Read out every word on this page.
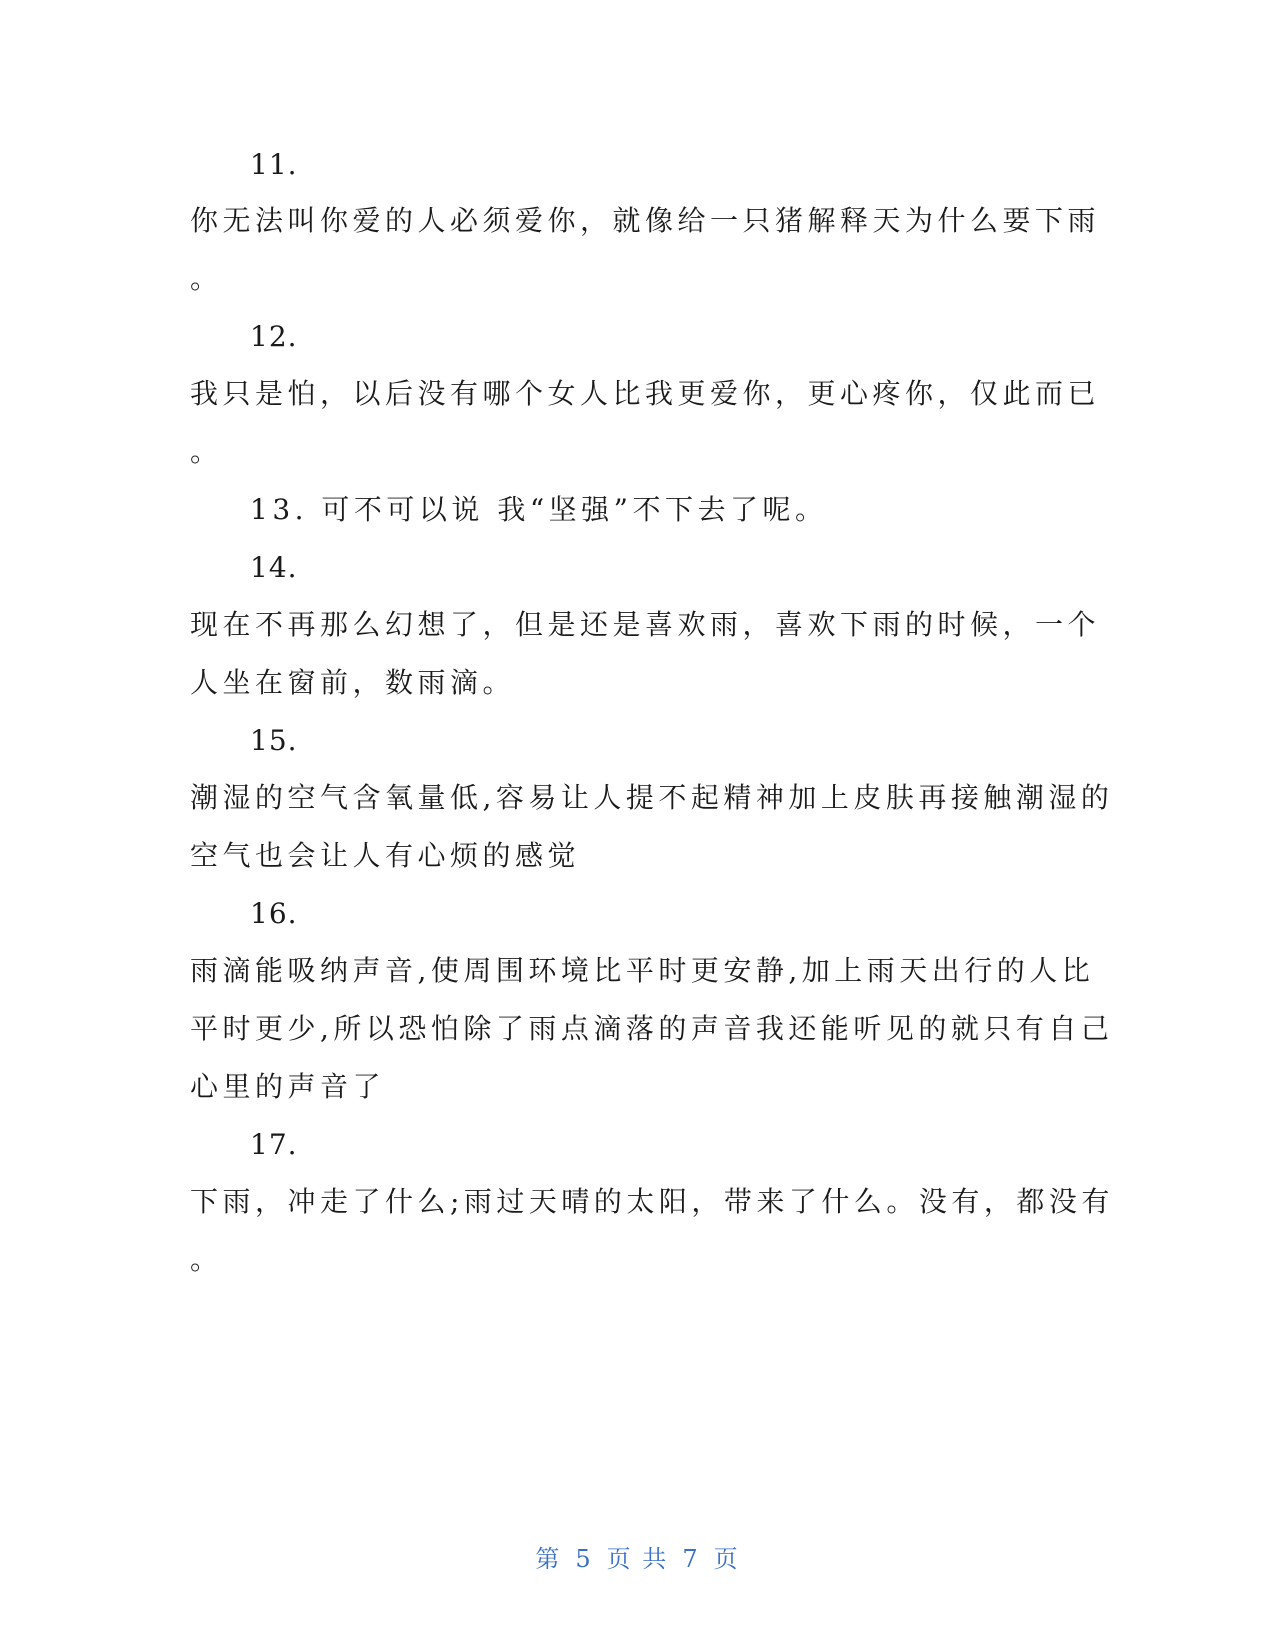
11.
你无法叫你爱的人必须爱你，就像给一只猪解释天为什么要下雨
。
12.
我只是怕，以后没有哪个女人比我更爱你，更心疼你，仅此而已
。
13. 可不可以说 我“坚强”不下去了呢。
14.
现在不再那么幻想了，但是还是喜欢雨，喜欢下雨的时候，一个
人坐在窗前，数雨滴。
15.
潮湿的空气含氧量低,容易让人提不起精神加上皮肤再接触潮湿的
空气也会让人有心烦的感觉
16.
雨滴能吸纳声音,使周围环境比平时更安静,加上雨天出行的人比
平时更少,所以恐怕除了雨点滴落的声音我还能听见的就只有自己
心里的声音了
17.
下雨，冲走了什么;雨过天晴的太阳，带来了什么。没有，都没有
。
第 5 页 共 7 页
